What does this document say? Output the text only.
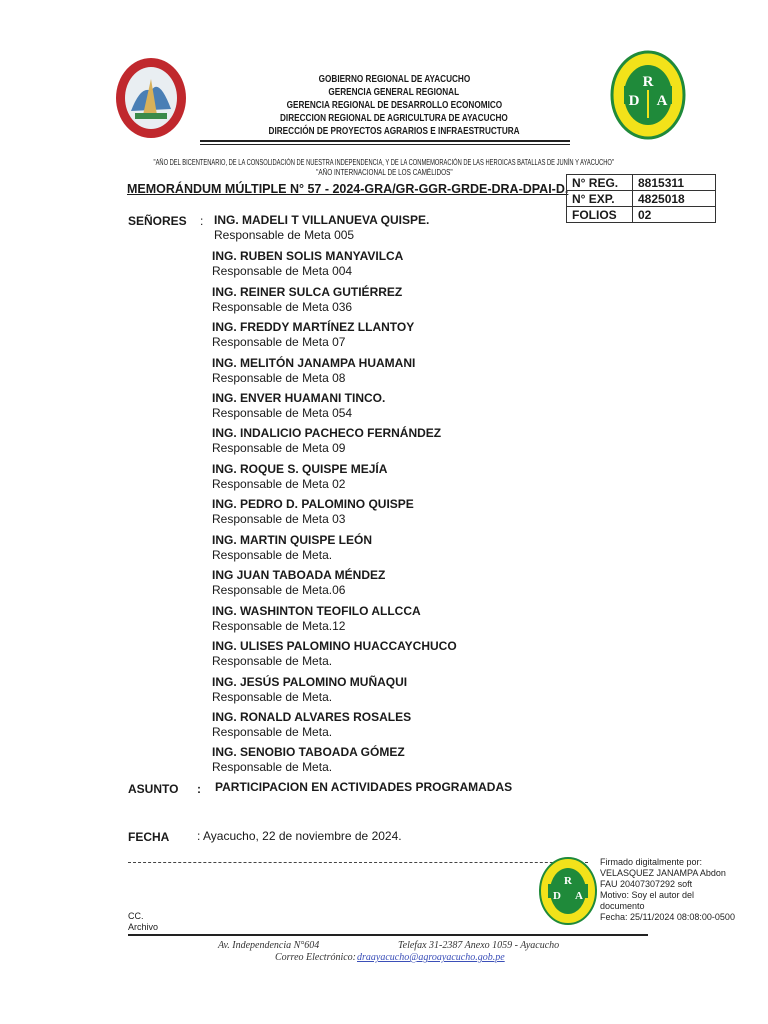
R
D A
GOBIERNO REGIONAL DE AYACUCHO
GERENCIA GENERAL REGIONAL
GERENCIA REGIONAL DE DESARROLLO ECONOMICO
DIRECCION REGIONAL DE AGRICULTURA DE AYACUCHO
DIRECCIÓN DE PROYECTOS AGRARIOS E INFRAESTRUCTURA
"AÑO DEL BICENTENARIO, DE LA CONSOLIDACIÓN DE NUESTRA INDEPENDENCIA, Y DE LA CONMEMORACIÓN DE LAS HEROICAS BATALLAS DE JUNÍN Y AYACUCHO"
"AÑO INTERNACIONAL DE LOS CAMÉLIDOS"
MEMORÁNDUM MÚLTIPLE N° 57 - 2024-GRA/GR-GGR-GRDE-DRA-DPAI-D. N° REG.	8815311
N° EXP.	4825018
FOLIOS	02
SEÑORES : ING. MADELI T VILLANUEVA QUISPE.
Responsable de Meta 005
ING. RUBEN SOLIS MANYAVILCA
Responsable de Meta 004
ING. REINER SULCA GUTIÉRREZ
Responsable de Meta 036
ING. FREDDY MARTÍNEZ LLANTOY
Responsable de Meta 07
ING. MELITÓN JANAMPA HUAMANI
Responsable de Meta 08
ING. ENVER HUAMANI TINCO.
Responsable de Meta 054
ING. INDALICIO PACHECO FERNÁNDEZ
Responsable de Meta 09
ING. ROQUE S. QUISPE MEJÍA
Responsable de Meta 02
ING. PEDRO D. PALOMINO QUISPE
Responsable de Meta 03
ING. MARTIN QUISPE LEÓN
Responsable de Meta.
ING JUAN TABOADA MÉNDEZ
Responsable de Meta.06
ING. WASHINTON TEOFILO ALLCCA
Responsable de Meta.12
ING. ULISES PALOMINO HUACCAYCHUCO
Responsable de Meta.
ING. JESÚS PALOMINO MUÑAQUI
Responsable de Meta.
ING. RONALD ALVARES ROSALES
Responsable de Meta.
ING. SENOBIO TABOADA GÓMEZ
Responsable de Meta.
ASUNTO : PARTICIPACION EN ACTIVIDADES PROGRAMADAS
FECHA : Ayacucho, 22 de noviembre de 2024.
R
D A
Firmado digitalmente por:
VELASQUEZ JANAMPA Abdon
FAU 20407307292 soft
Motivo: Soy el autor del
documento
Fecha: 25/11/2024 08:08:00-0500
CC.
Archivo
Av. Independencia N°604	Telefax 31-2387 Anexo 1059 - Ayacucho
Correo Electrónico: draayacucho@agroayacucho.gob.pe
